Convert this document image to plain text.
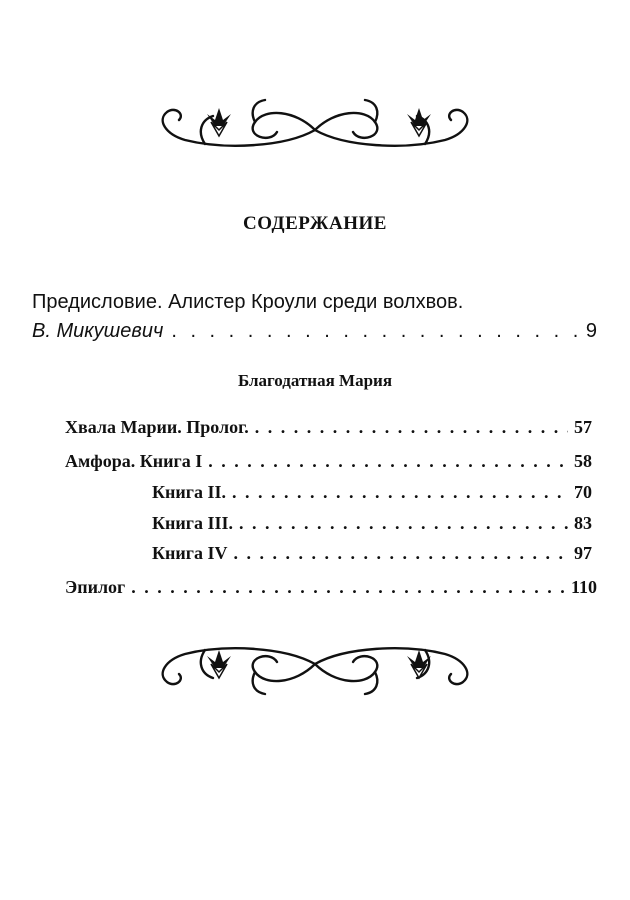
СОДЕРЖАНИЕ
Предисловие. Алистер Кроули среди волхвов.
В. Микушевич . . .	9
Благодатная Мария
Хвала Марии. Пролог. . . .	57
Амфора. Книга I . . .	58
Книга II. . . .	70
Книга III. . . .	83
Книга IV . . .	97
Эпилог . . .	110
